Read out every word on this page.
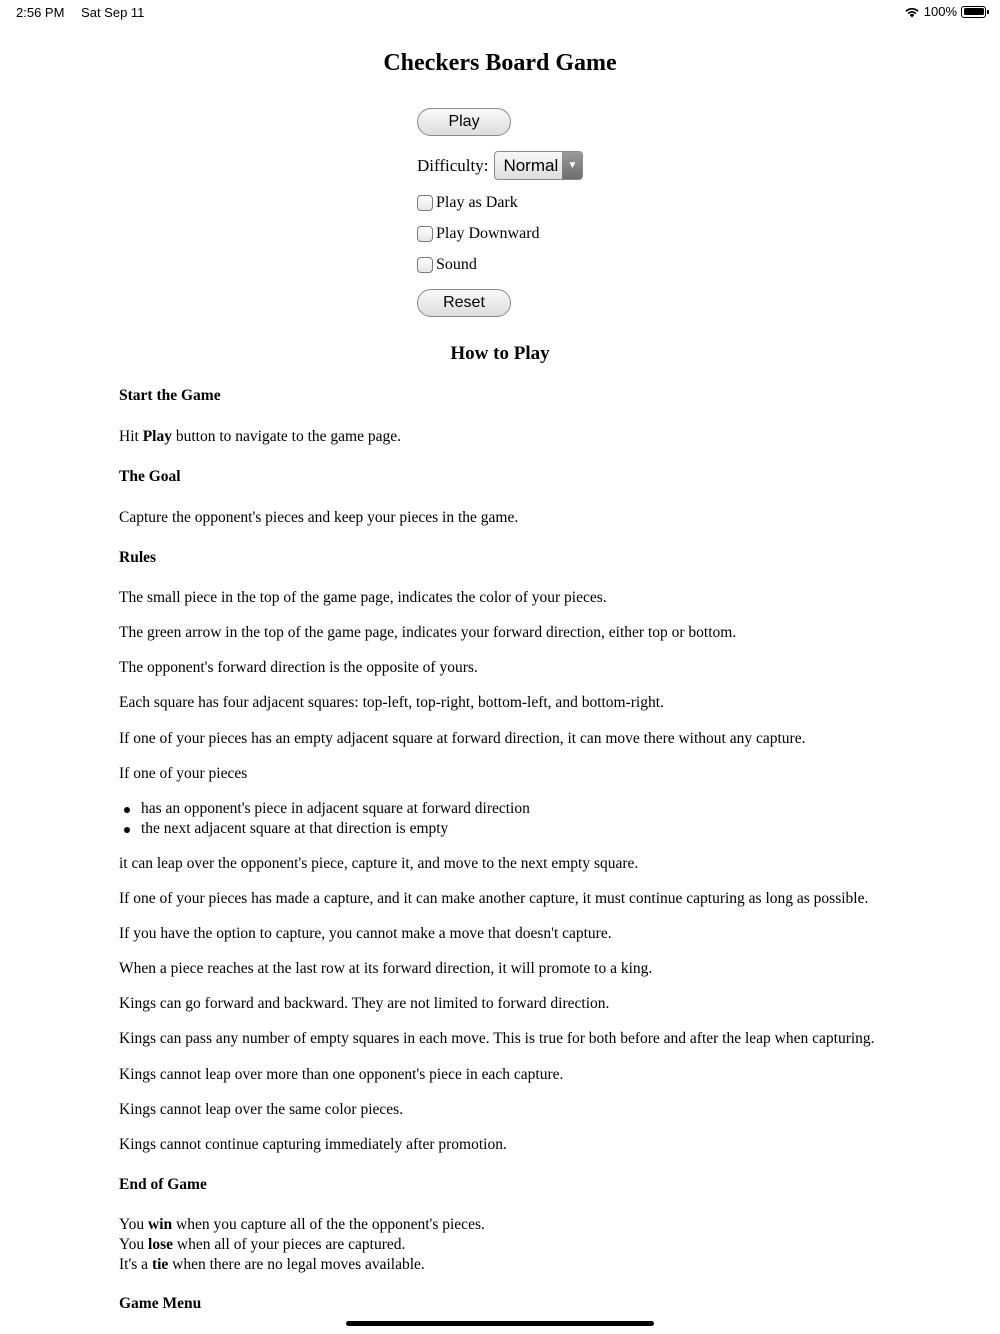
2:56 PM Sat Sep 11	100%
Checkers Board Game
Play
Difficulty: Normal ▼
Play as Dark
Play Downward
Sound
Reset
How to Play
Start the Game
Hit Play button to navigate to the game page.
The Goal
Capture the opponent's pieces and keep your pieces in the game.
Rules
The small piece in the top of the game page, indicates the color of your pieces.
The green arrow in the top of the game page, indicates your forward direction, either top or bottom.
The opponent's forward direction is the opposite of yours.
Each square has four adjacent squares: top-left, top-right, bottom-left, and bottom-right.
If one of your pieces has an empty adjacent square at forward direction, it can move there without any capture.
If one of your pieces
has an opponent's piece in adjacent square at forward direction
the next adjacent square at that direction is empty
it can leap over the opponent's piece, capture it, and move to the next empty square.
If one of your pieces has made a capture, and it can make another capture, it must continue capturing as long as possible.
If you have the option to capture, you cannot make a move that doesn't capture.
When a piece reaches at the last row at its forward direction, it will promote to a king.
Kings can go forward and backward. They are not limited to forward direction.
Kings can pass any number of empty squares in each move. This is true for both before and after the leap when capturing.
Kings cannot leap over more than one opponent's piece in each capture.
Kings cannot leap over the same color pieces.
Kings cannot continue capturing immediately after promotion.
End of Game
You win when you capture all of the the opponent's pieces.
You lose when all of your pieces are captured.
It's a tie when there are no legal moves available.
Game Menu
